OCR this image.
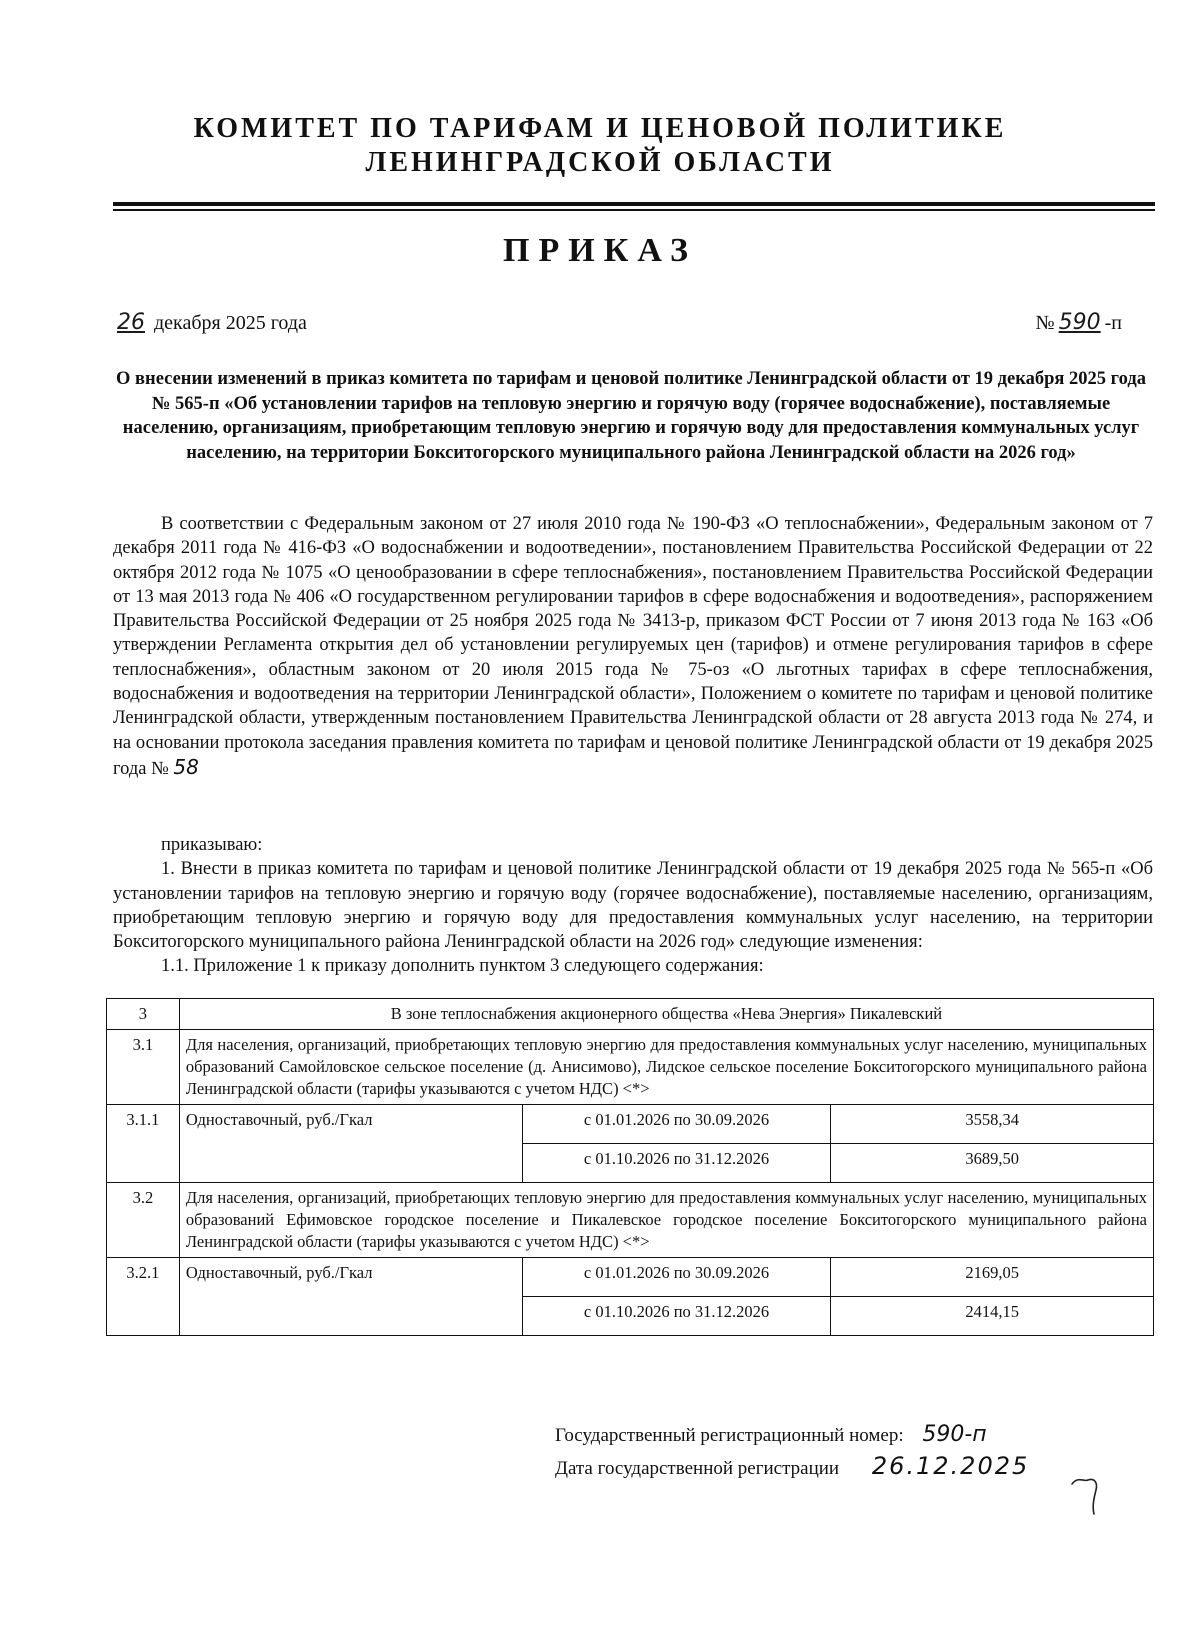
КОМИТЕТ ПО ТАРИФАМ И ЦЕНОВОЙ ПОЛИТИКЕ
ЛЕНИНГРАДСКОЙ ОБЛАСТИ
ПРИКАЗ
26 декабря 2025 года	№ 590 -п
О внесении изменений в приказ комитета по тарифам и ценовой политике Ленинградской области от 19 декабря 2025 года № 565-п «Об установлении тарифов на тепловую энергию и горячую воду (горячее водоснабжение), поставляемые населению, организациям, приобретающим тепловую энергию и горячую воду для предоставления коммунальных услуг населению, на территории Бокситогорского муниципального района Ленинградской области на 2026 год»

В соответствии с Федеральным законом от 27 июля 2010 года № 190-ФЗ «О теплоснабжении», Федеральным законом от 7 декабря 2011 года № 416-ФЗ «О водоснабжении и водоотведении», постановлением Правительства Российской Федерации от 22 октября 2012 года № 1075 «О ценообразовании в сфере теплоснабжения», постановлением Правительства Российской Федерации от 13 мая 2013 года № 406 «О государственном регулировании тарифов в сфере водоснабжения и водоотведения», распоряжением Правительства Российской Федерации от 25 ноября 2025 года № 3413-р, приказом ФСТ России от 7 июня 2013 года № 163 «Об утверждении Регламента открытия дел об установлении регулируемых цен (тарифов) и отмене регулирования тарифов в сфере теплоснабжения», областным законом от 20 июля 2015 года № 75-оз «О льготных тарифах в сфере теплоснабжения, водоснабжения и водоотведения на территории Ленинградской области», Положением о комитете по тарифам и ценовой политике Ленинградской области, утвержденным постановлением Правительства Ленинградской области от 28 августа 2013 года № 274, и на основании протокола заседания правления комитета по тарифам и ценовой политике Ленинградской области от 19 декабря 2025 года № 58

приказываю:

1. Внести в приказ комитета по тарифам и ценовой политике Ленинградской области от 19 декабря 2025 года № 565-п «Об установлении тарифов на тепловую энергию и горячую воду (горячее водоснабжение), поставляемые населению, организациям, приобретающим тепловую энергию и горячую воду для предоставления коммунальных услуг населению, на территории Бокситогорского муниципального района Ленинградской области на 2026 год» следующие изменения:

1.1. Приложение 1 к приказу дополнить пунктом 3 следующего содержания:

3	В зоне теплоснабжения акционерного общества «Нева Энергия» Пикалевский		
3.1	Для населения, организаций, приобретающих тепловую энергию для предоставления коммунальных услуг населению, муниципальных образований Самойловское сельское поселение (д. Анисимово), Лидское сельское поселение Бокситогорского муниципального района Ленинградской области (тарифы указываются с учетом НДС) <*>		
3.1.1	Одноставочный, руб./Гкал	с 01.01.2026 по 30.09.2026	3558,34
		с 01.10.2026 по 31.12.2026	3689,50
3.2	Для населения, организаций, приобретающих тепловую энергию для предоставления коммунальных услуг населению, муниципальных образований Ефимовское городское поселение и Пикалевское городское поселение Бокситогорского муниципального района Ленинградской области (тарифы указываются с учетом НДС) <*>		
3.2.1	Одноставочный, руб./Гкал	с 01.01.2026 по 30.09.2026	2169,05
		с 01.10.2026 по 31.12.2026	2414,15
Государственный регистрационный номер: 590-п
Дата государственной регистрации 26.12.2025
